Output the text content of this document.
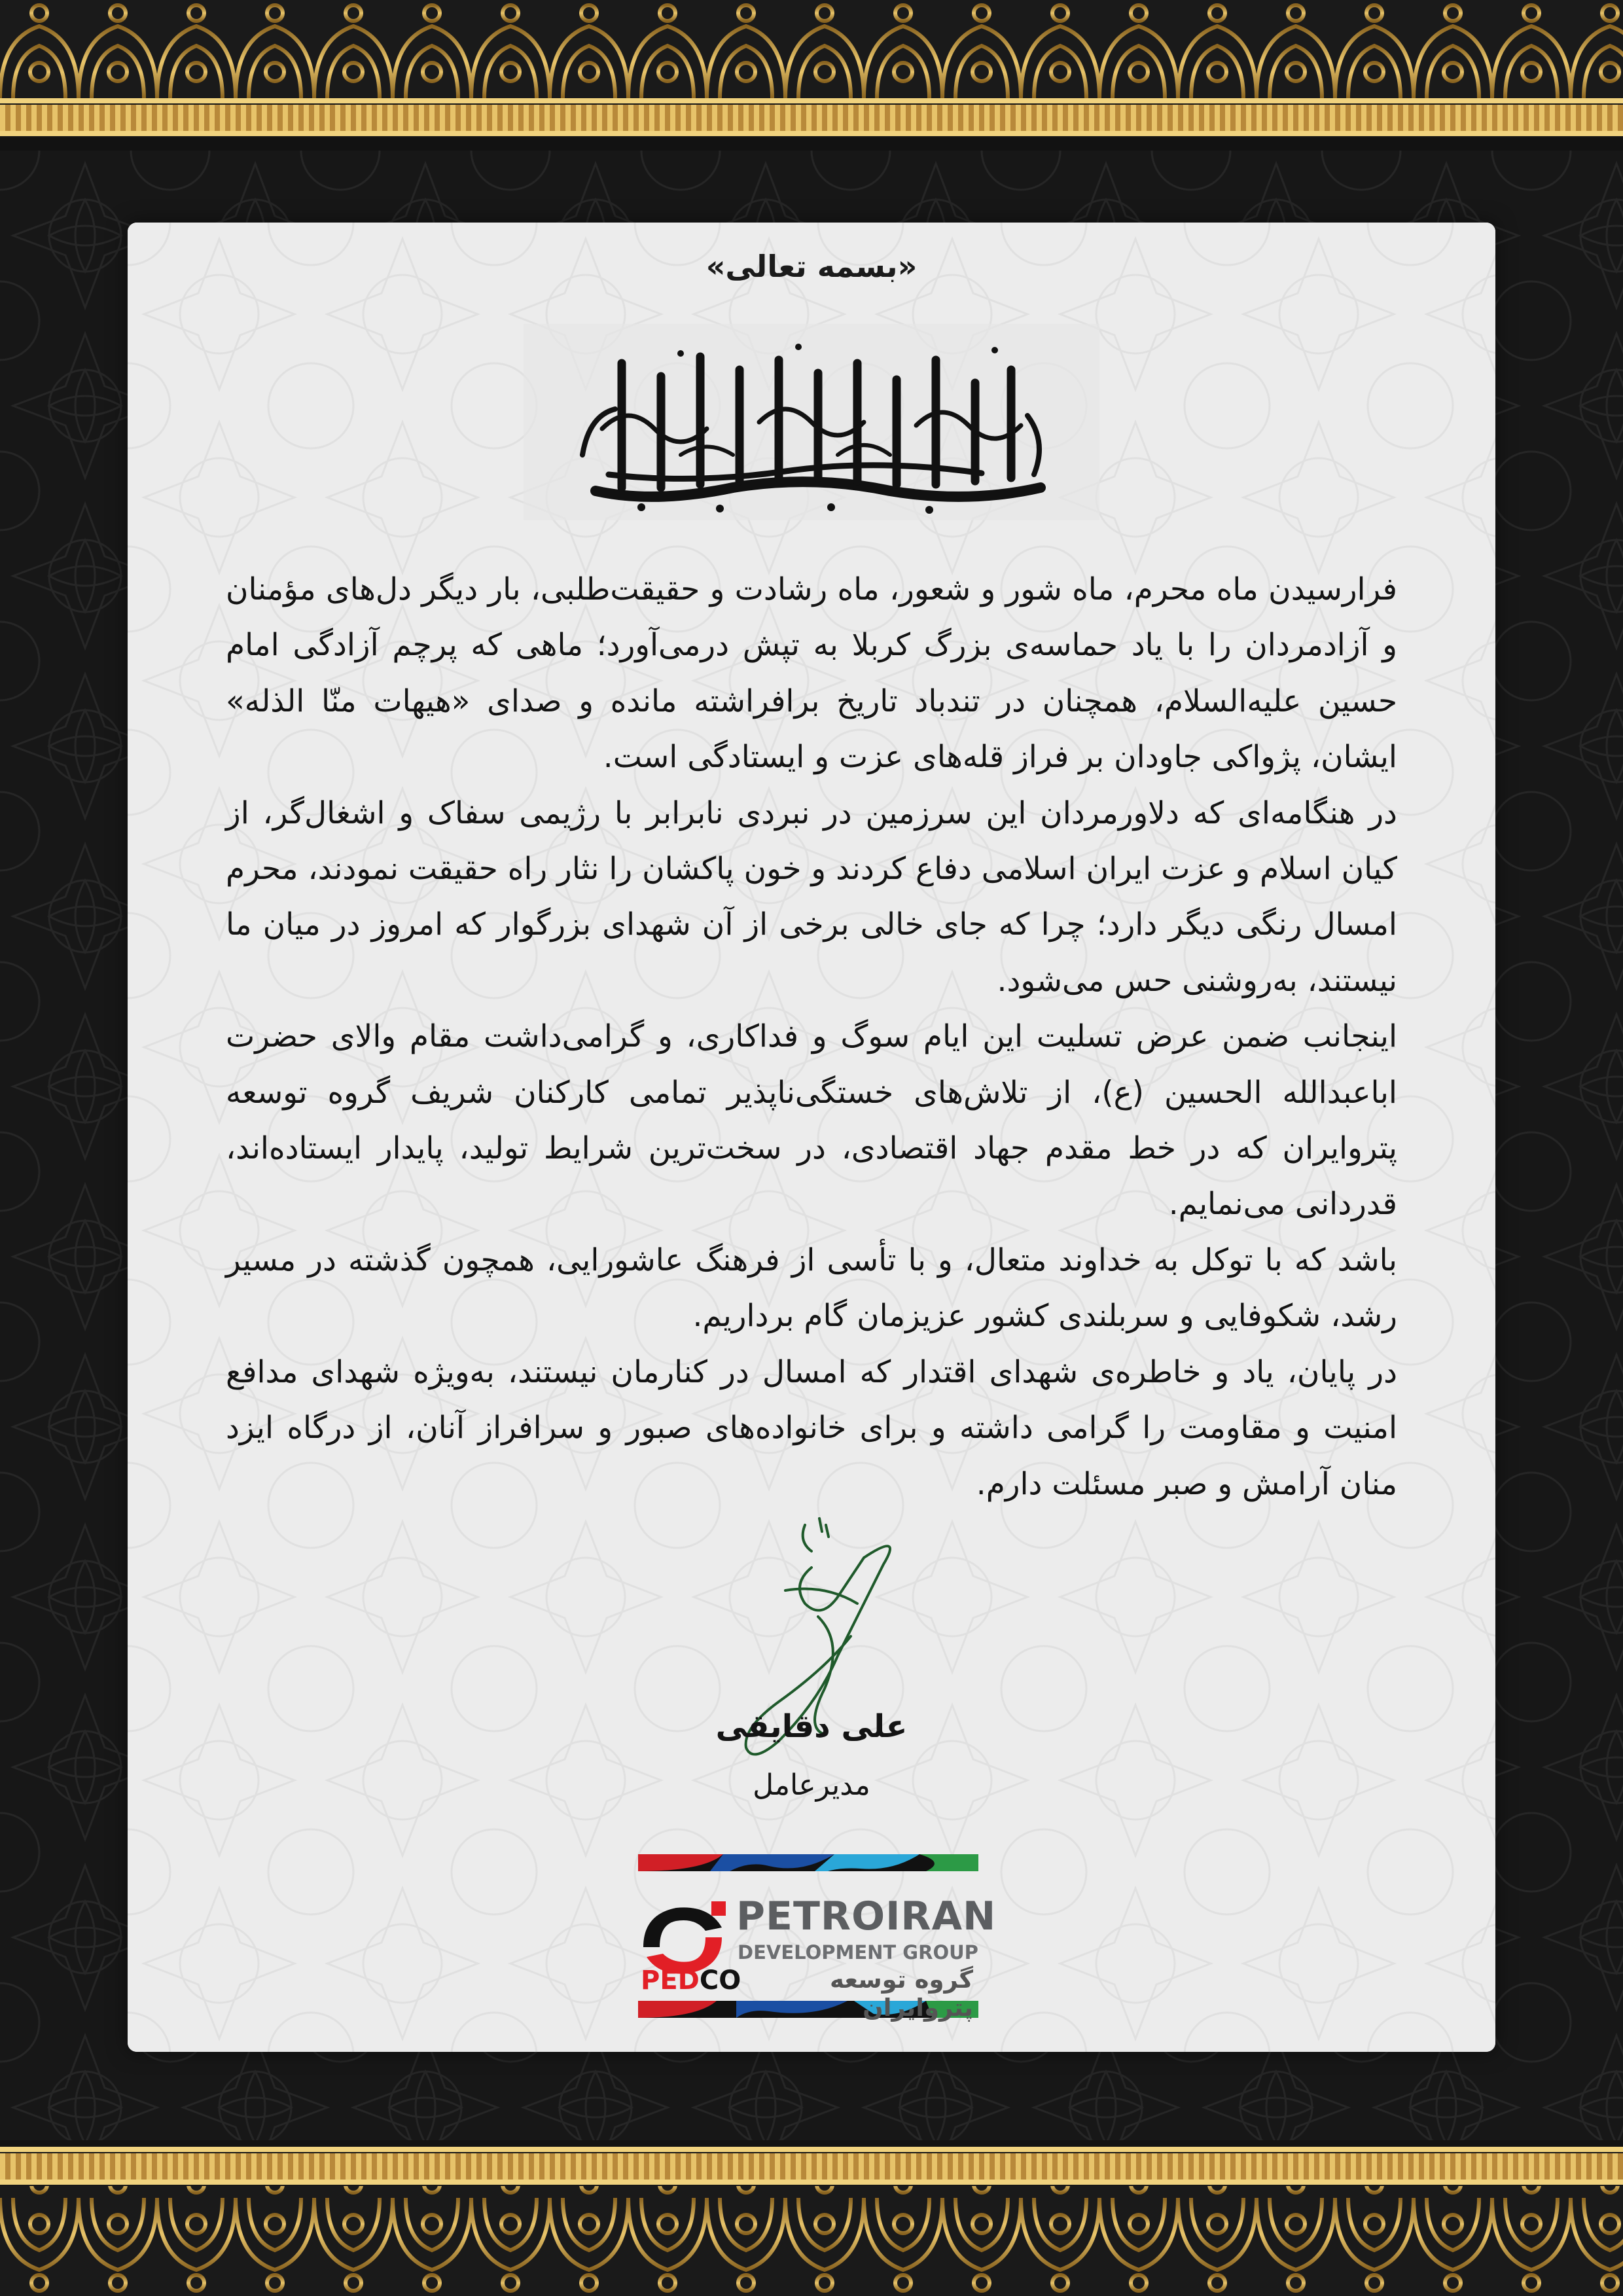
«بسمه تعالی»

فرارسیدن ماه محرم، ماه شور و شعور، ماه رشادت و حقیقت‌طلبی، بار دیگر دل‌های مؤمنان و آزادمردان را با یاد حماسه‌ی بزرگ کربلا به تپش درمی‌آورد؛ ماهی که پرچم آزادگی امام حسین علیه‌السلام، همچنان در تندباد تاریخ برافراشته مانده و صدای «هیهات منّا الذله» ایشان، پژواکی جاودان بر فراز قله‌های عزت و ایستادگی است.

در هنگامه‌ای که دلاورمردان این سرزمین در نبردی نابرابر با رژیمی سفاک و اشغال‌گر، از کیان اسلام و عزت ایران اسلامی دفاع کردند و خون پاکشان را نثار راه حقیقت نمودند، محرم امسال رنگی دیگر دارد؛ چرا که جای خالی برخی از آن شهدای بزرگوار که امروز در میان ما نیستند، به‌روشنی حس می‌شود.

اینجانب ضمن عرض تسلیت این ایام سوگ و فداکاری، و گرامی‌داشت مقام والای حضرت اباعبدالله الحسین (ع)، از تلاش‌های خستگی‌ناپذیر تمامی کارکنان شریف گروه توسعه پتروایران که در خط مقدم جهاد اقتصادی، در سخت‌ترین شرایط تولید، پایدار ایستاده‌اند، قدردانی می‌نمایم.

باشد که با توکل به خداوند متعال، و با تأسی از فرهنگ عاشورایی، همچون گذشته در مسیر رشد، شکوفایی و سربلندی کشور عزیزمان گام برداریم.

در پایان، یاد و خاطره‌ی شهدای اقتدار که امسال در کنارمان نیستند، به‌ویژه شهدای مدافع امنیت و مقاومت را گرامی داشته و برای خانواده‌های صبور و سرافراز آنان، از درگاه ایزد منان آرامش و صبر مسئلت دارم.

علی دقایقی
مدیرعامل
PETROIRAN
DEVELOPMENT GROUP
گروه توسعه پتروایران
PEDCO
